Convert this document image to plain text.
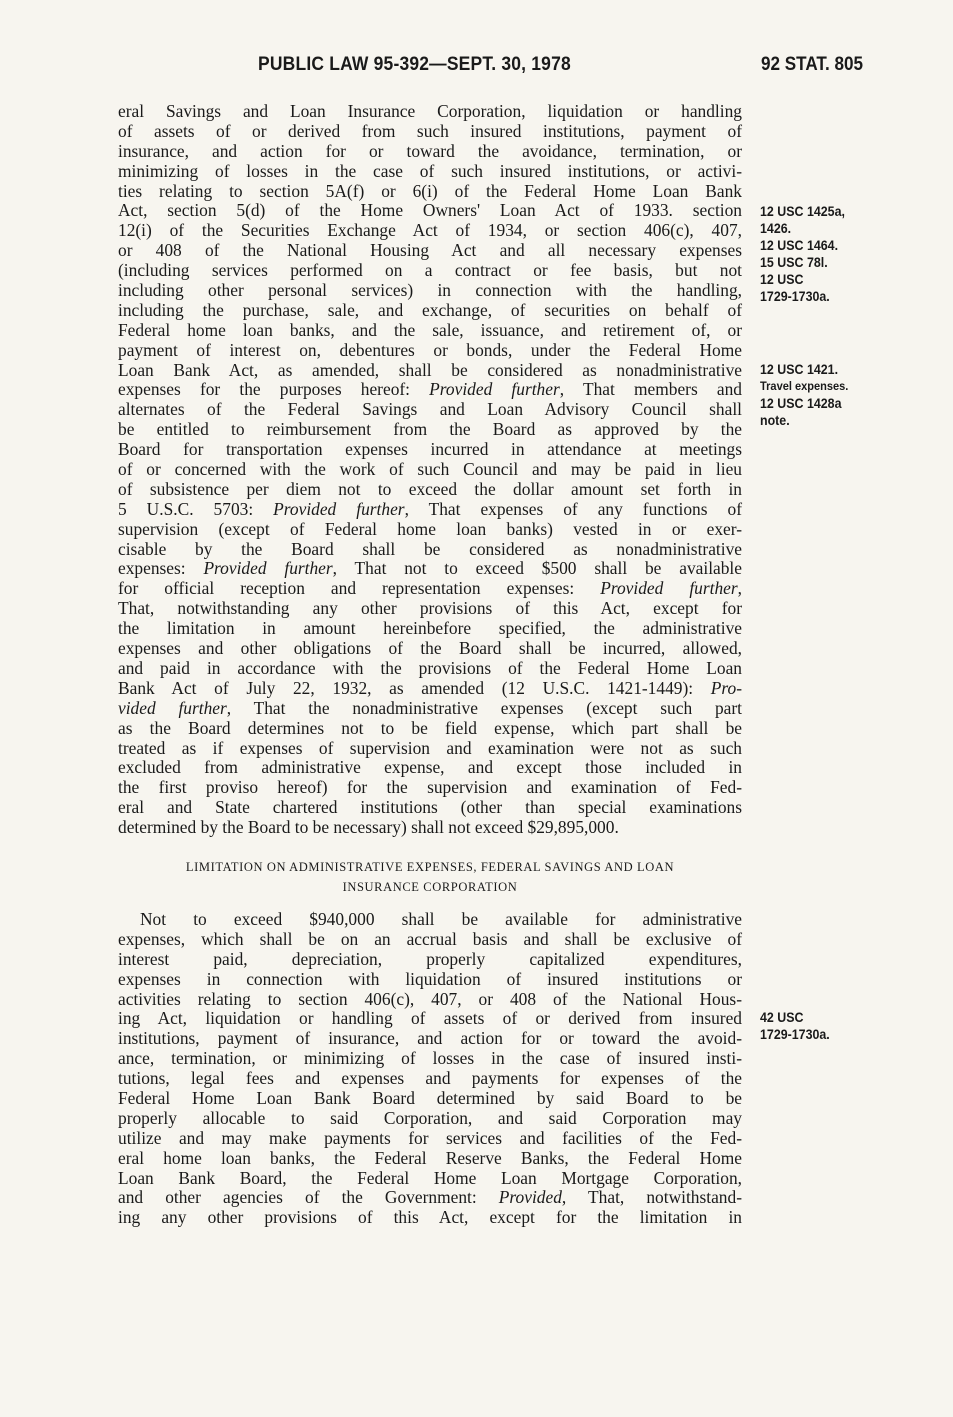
PUBLIC LAW 95-392—SEPT. 30, 1978	92 STAT. 805
eral Savings and Loan Insurance Corporation, liquidation or handling
of assets of or derived from such insured institutions, payment of
insurance, and action for or toward the avoidance, termination, or
minimizing of losses in the case of such insured institutions, or activi-
ties relating to section 5A(f) or 6(i) of the Federal Home Loan Bank
Act, section 5(d) of the Home Owners' Loan Act of 1933. section
12(i) of the Securities Exchange Act of 1934, or section 406(c), 407,
or 408 of the National Housing Act and all necessary expenses
(including services performed on a contract or fee basis, but not
including other personal services) in connection with the handling,
including the purchase, sale, and exchange, of securities on behalf of
Federal home loan banks, and the sale, issuance, and retirement of, or
payment of interest on, debentures or bonds, under the Federal Home
Loan Bank Act, as amended, shall be considered as nonadministrative
expenses for the purposes hereof: Provided further, That members and
alternates of the Federal Savings and Loan Advisory Council shall
be entitled to reimbursement from the Board as approved by the
Board for transportation expenses incurred in attendance at meetings
of or concerned with the work of such Council and may be paid in lieu
of subsistence per diem not to exceed the dollar amount set forth in
5 U.S.C. 5703: Provided further, That expenses of any functions of
supervision (except of Federal home loan banks) vested in or exer-
cisable by the Board shall be considered as nonadministrative
expenses: Provided further, That not to exceed $500 shall be available
for official reception and representation expenses: Provided further,
That, notwithstanding any other provisions of this Act, except for
the limitation in amount hereinbefore specified, the administrative
expenses and other obligations of the Board shall be incurred, allowed,
and paid in accordance with the provisions of the Federal Home Loan
Bank Act of July 22, 1932, as amended (12 U.S.C. 1421-1449): Pro-
vided further, That the nonadministrative expenses (except such part
as the Board determines not to be field expense, which part shall be
treated as if expenses of supervision and examination were not as such
excluded from administrative expense, and except those included in
the first proviso hereof) for the supervision and examination of Fed-
eral and State chartered institutions (other than special examinations
determined by the Board to be necessary) shall not exceed $29,895,000.
LIMITATION ON ADMINISTRATIVE EXPENSES, FEDERAL SAVINGS AND LOAN
INSURANCE CORPORATION
Not to exceed $940,000 shall be available for administrative
expenses, which shall be on an accrual basis and shall be exclusive of
interest paid, depreciation, properly capitalized expenditures,
expenses in connection with liquidation of insured institutions or
activities relating to section 406(c), 407, or 408 of the National Hous-
ing Act, liquidation or handling of assets of or derived from insured
institutions, payment of insurance, and action for or toward the avoid-
ance, termination, or minimizing of losses in the case of insured insti-
tutions, legal fees and expenses and payments for expenses of the
Federal Home Loan Bank Board determined by said Board to be
properly allocable to said Corporation, and said Corporation may
utilize and may make payments for services and facilities of the Fed-
eral home loan banks, the Federal Reserve Banks, the Federal Home
Loan Bank Board, the Federal Home Loan Mortgage Corporation,
and other agencies of the Government: Provided, That, notwithstand-
ing any other provisions of this Act, except for the limitation in
12 USC 1425a,
1426.
12 USC 1464.
15 USC 78l.
12 USC
1729-1730a.
12 USC 1421.
Travel expenses.
12 USC 1428a
note.
42 USC
1729-1730a.
